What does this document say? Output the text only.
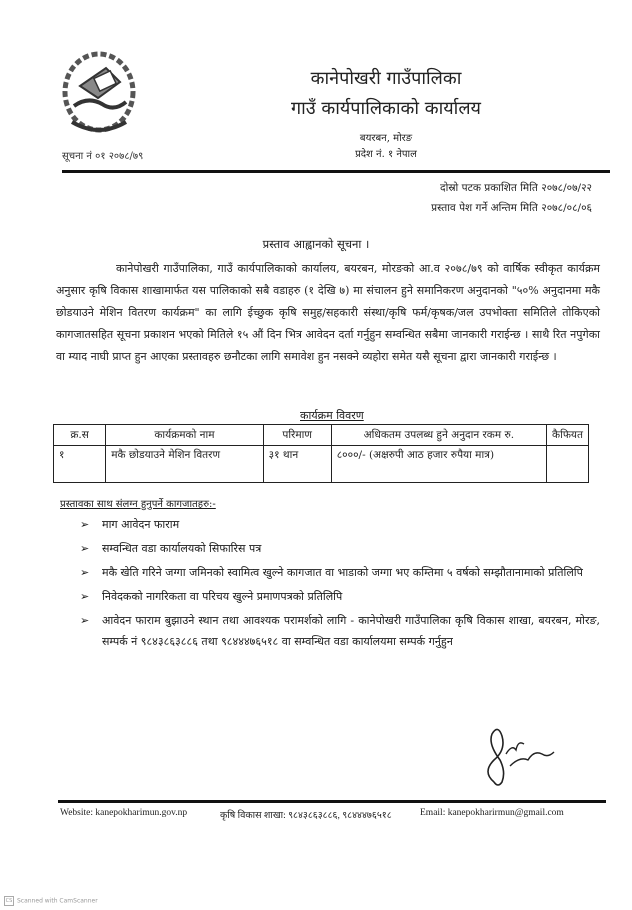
कानेपोखरी गाउँपालिका
गाउँ कार्यपालिकाको कार्यालय
बयरबन, मोरङ
प्रदेश नं. १ नेपाल
सूचना नं ०१ २०७८/७९
दोस्रो पटक प्रकाशित मिति २०७८/०७/२२
प्रस्ताव पेश गर्ने अन्तिम मिति २०७८/०८/०६
प्रस्ताव आह्वानको सूचना ।
कानेपोखरी गाउँपालिका, गाउँ कार्यपालिकाको कार्यालय, बयरबन, मोरङको आ.व २०७८/७९ को वार्षिक स्वीकृत कार्यक्रम अनुसार कृषि विकास शाखामार्फत यस पालिकाको सबै वडाहरु (१ देखि ७) मा संचालन हुने समानिकरण अनुदानको "५०% अनुदानमा मकै छोडयाउने मेशिन वितरण कार्यक्रम" का लागि ईच्छुक कृषि समुह/सहकारी संस्था/कृषि फर्म/कृषक/जल उपभोक्ता समितिले तोकिएको कागजातसहित सूचना प्रकाशन भएको मितिले १५ औं दिन भित्र आवेदन दर्ता गर्नुहुन सम्वन्धित सबैमा जानकारी गराईन्छ । साथै रित नपुगेका वा म्याद नाघी प्राप्त हुन आएका प्रस्तावहरु छनौटका लागि समावेश हुन नसक्ने व्यहोरा समेत यसै सूचना द्वारा जानकारी गराईन्छ ।
कार्यक्रम विवरण
क्र.स	कार्यक्रमको नाम	परिमाण	अधिकतम उपलब्ध हुने अनुदान रकम रु.	कैफियत
१	मकै छोडयाउने मेशिन वितरण	३१ थान	८०००/- (अक्षरुपी आठ हजार रुपैया मात्र)	
प्रस्तावका साथ संलग्न हुनुपर्ने कागजातहरु:-
➢ माग आवेदन फाराम
➢ सम्वन्धित वडा कार्यालयको सिफारिस पत्र
➢ मकै खेति गरिने जग्गा जमिनको स्वामित्व खुल्ने कागजात वा भाडाको जग्गा भए कम्तिमा ५ वर्षको सम्झौतानामाको प्रतिलिपि
➢ निवेदकको नागरिकता वा परिचय खुल्ने प्रमाणपत्रको प्रतिलिपि
➢ आवेदन फाराम बुझाउने स्थान तथा आवश्यक परामर्शको लागि - कानेपोखरी गाउँपालिका कृषि विकास शाखा, बयरबन, मोरङ, सम्पर्क नं ९८४३८६३८८६ तथा ९८४४४७६५१८ वा सम्वन्धित वडा कार्यालयमा सम्पर्क गर्नुहुन
Website: kanepokharimun.gov.np	कृषि विकास शाखा: ९८४३८६३८८६, ९८४४४७६५१८	Email: kanepokharirmun@gmail.com
CS Scanned with CamScanner
